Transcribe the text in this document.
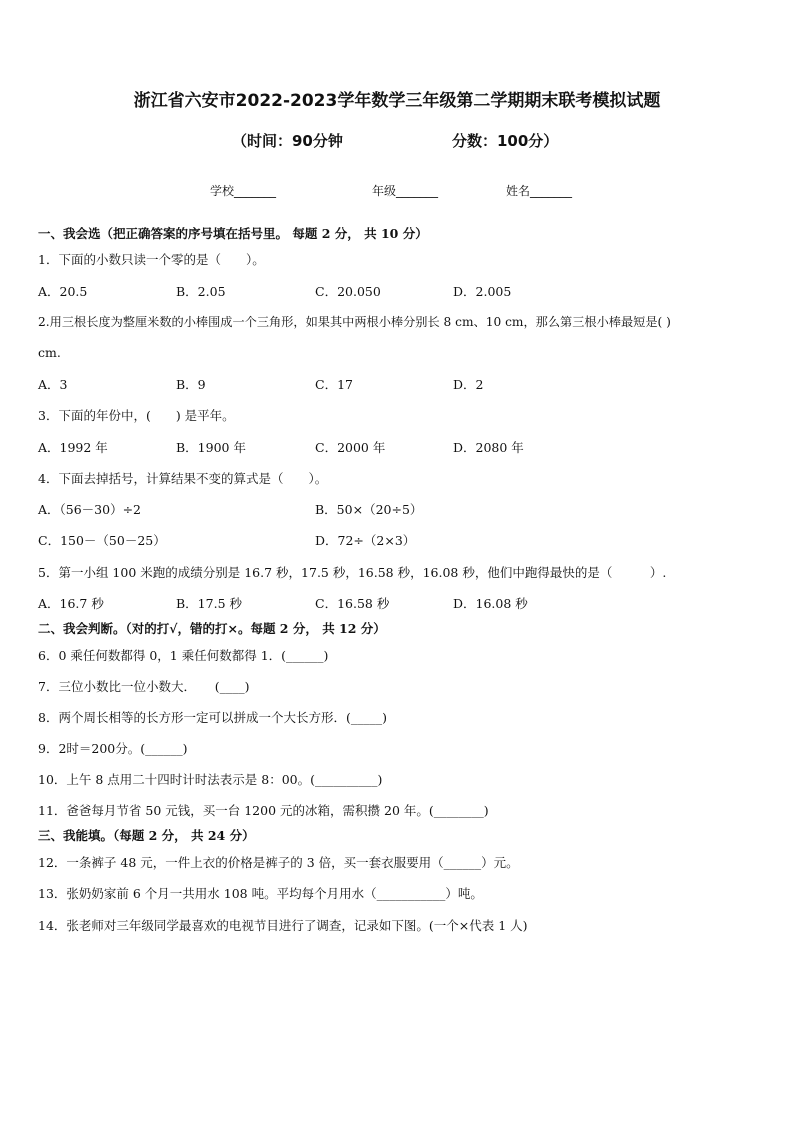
浙江省六安市2022-2023学年数学三年级第二学期期末联考模拟试题
（时间：90分钟	分数：100分）
学校_______	年级_______	姓名_______
一、我会选（把正确答案的序号填在括号里。 每题 2 分， 共 10 分）
1．下面的小数只读一个零的是（　　）。
A．20.5	B．2.05	C．20.050	D．2.005
2.用三根长度为整厘米数的小棒围成一个三角形，如果其中两根小棒分别长 8 cm、10 cm，那么第三根小棒最短是( )
cm.
A．3	B．9	C．17	D．2
3．下面的年份中，(　　) 是平年。
A．1992 年	B．1900 年	C．2000 年	D．2080 年
4．下面去掉括号，计算结果不变的算式是（　　）。
A．（56－30）÷2	B．50×（20÷5）
C．150－（50－25）	D．72÷（2×3）
5．第一小组 100 米跑的成绩分别是 16.7 秒，17.5 秒，16.58 秒，16.08 秒，他们中跑得最快的是（　　　）.
A．16.7 秒	B．17.5 秒	C．16.58 秒	D．16.08 秒
二、我会判断。（对的打√，错的打×。每题 2 分， 共 12 分）
6．0 乘任何数都得 0，1 乘任何数都得 1．(______)
7．三位小数比一位小数大．　　(____)
8．两个周长相等的长方形一定可以拼成一个大长方形．(_____)
9．2时＝200分。(______)
10．上午 8 点用二十四时计时法表示是 8：00。(__________)
11．爸爸每月节省 50 元钱，买一台 1200 元的冰箱，需积攒 20 年。(________)
三、我能填。（每题 2 分， 共 24 分）
12．一条裤子 48 元，一件上衣的价格是裤子的 3 倍，买一套衣服要用（______）元。
13．张奶奶家前 6 个月一共用水 108 吨。平均每个月用水（___________）吨。
14．张老师对三年级同学最喜欢的电视节目进行了调查，记录如下图。(一个×代表 1 人)
